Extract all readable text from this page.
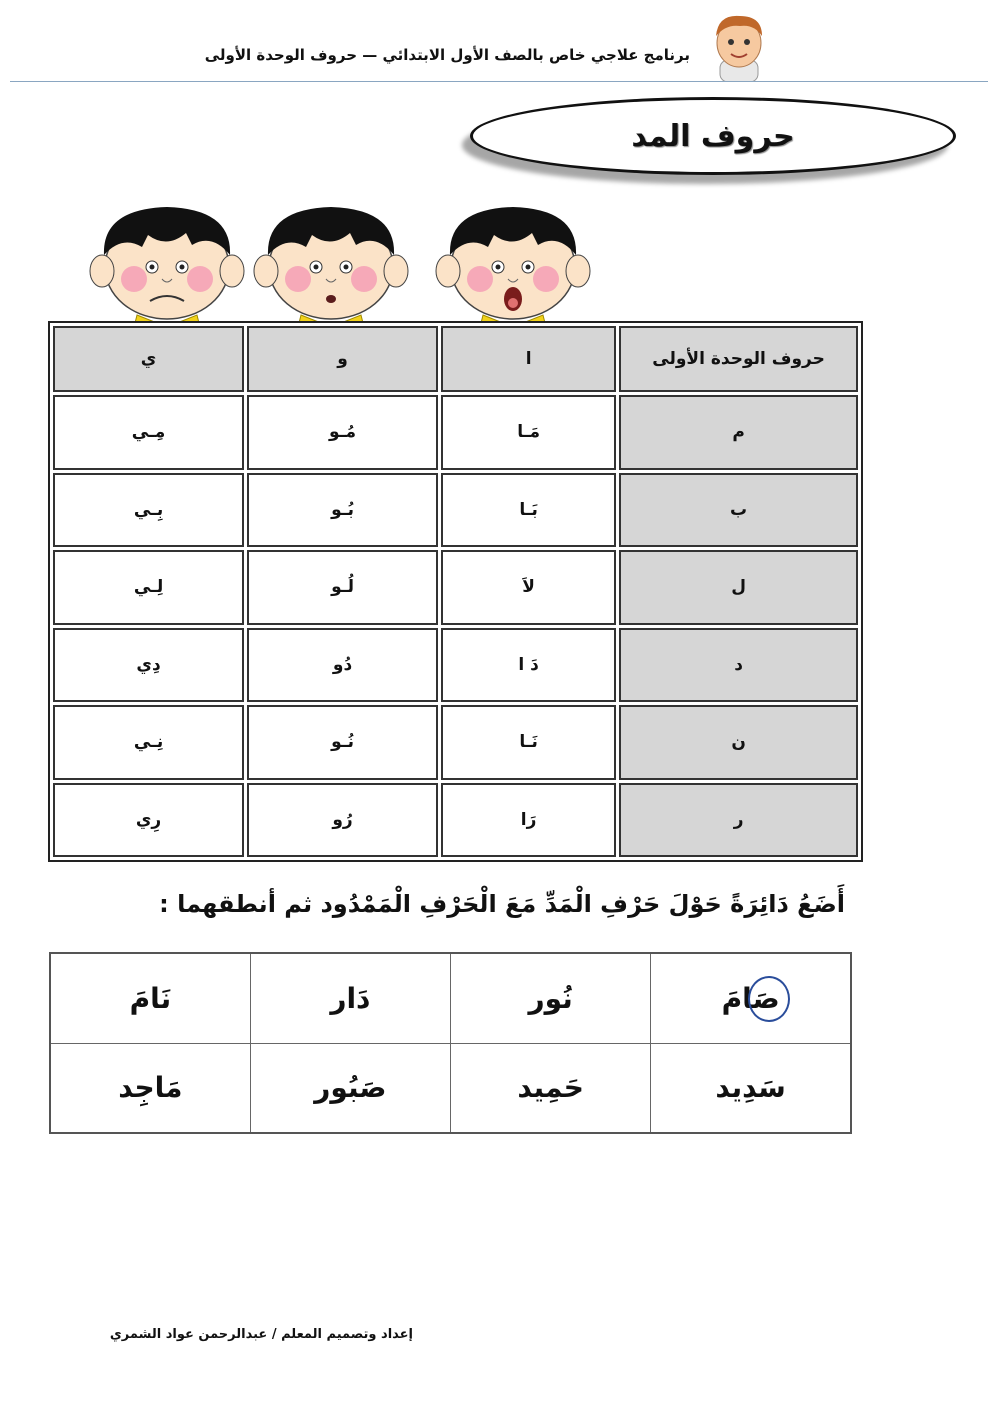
برنامج علاجي خاص بالصف الأول الابتدائي — حروف الوحدة الأولى
حروف المد
ي	و	ا	حروف الوحدة الأولى
مِـي	مُـو	مَـا	م
بِـي	بُـو	بَـا	ب
لِـي	لُـو	لاَ	ل
دِي	دُو	دَ ا	د
نِـي	نُـو	نَـا	ن
رِي	رُو	رَا	ر
أَضَعُ دَائِرَةً حَوْلَ حَرْفِ الْمَدِّ مَعَ الْحَرْفِ الْمَمْدُود ثم أنطقهما :
نَامَ	دَار	نُور	صَامَ

مَاجِد	صَبُور	حَمِيد	سَدِيد
إعداد وتصميم المعلم / عبدالرحمن عواد الشمري
